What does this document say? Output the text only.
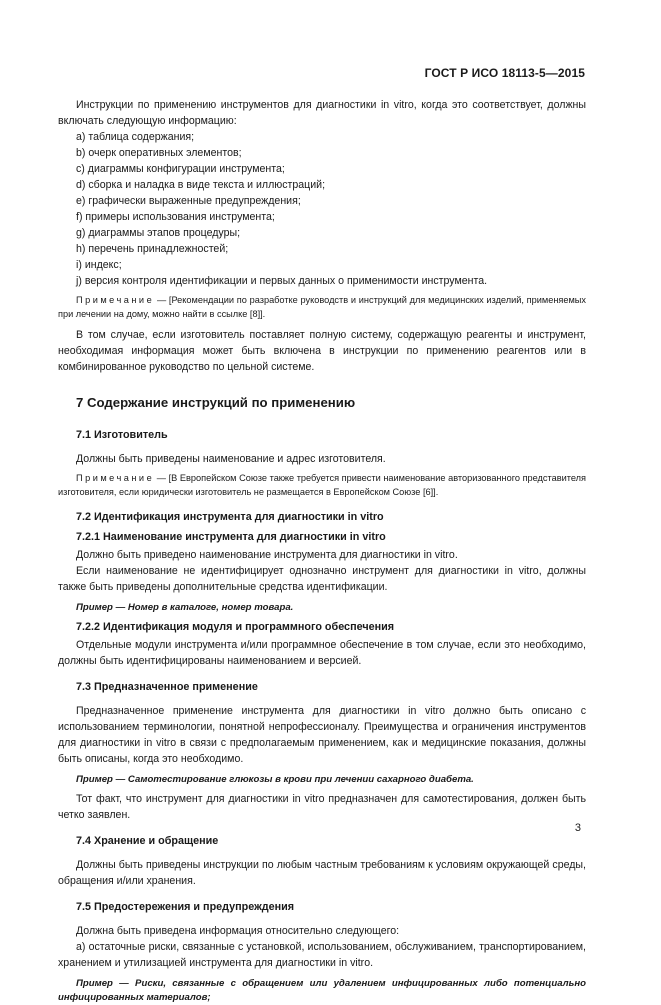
ГОСТ Р ИСО 18113-5—2015

Инструкции по применению инструментов для диагностики in vitro, когда это соответствует, должны включать следующую информацию:

a) таблица содержания;
b) очерк оперативных элементов;
c) диаграммы конфигурации инструмента;
d) сборка и наладка в виде текста и иллюстраций;
e) графически выраженные предупреждения;
f) примеры использования инструмента;
g) диаграммы этапов процедуры;
h) перечень принадлежностей;
i) индекс;
j) версия контроля идентификации и первых данных о применимости инструмента.

Примечание — [Рекомендации по разработке руководств и инструкций для медицинских изделий, применяемых при лечении на дому, можно найти в ссылке [8]].

В том случае, если изготовитель поставляет полную систему, содержащую реагенты и инструмент, необходимая информация может быть включена в инструкции по применению реагентов или в комбинированное руководство по цельной системе.

7 Содержание инструкций по применению

7.1 Изготовитель

Должны быть приведены наименование и адрес изготовителя.

Примечание — [В Европейском Союзе также требуется привести наименование авторизованного представителя изготовителя, если юридически изготовитель не размещается в Европейском Союзе [6]].

7.2 Идентификация инструмента для диагностики in vitro

7.2.1 Наименование инструмента для диагностики in vitro

Должно быть приведено наименование инструмента для диагностики in vitro.

Если наименование не идентифицирует однозначно инструмент для диагностики in vitro, должны также быть приведены дополнительные средства идентификации.

Пример — Номер в каталоге, номер товара.

7.2.2 Идентификация модуля и программного обеспечения

Отдельные модули инструмента и/или программное обеспечение в том случае, если это необходимо, должны быть идентифицированы наименованием и версией.

7.3 Предназначенное применение

Предназначенное применение инструмента для диагностики in vitro должно быть описано с использованием терминологии, понятной непрофессионалу. Преимущества и ограничения инструментов для диагностики in vitro в связи с предполагаемым применением, как и медицинские показания, должны быть описаны, когда это необходимо.

Пример — Самотестирование глюкозы в крови при лечении сахарного диабета.

Тот факт, что инструмент для диагностики in vitro предназначен для самотестирования, должен быть четко заявлен.

7.4 Хранение и обращение

Должны быть приведены инструкции по любым частным требованиям к условиям окружающей среды, обращения и/или хранения.

7.5 Предостережения и предупреждения

Должна быть приведена информация относительно следующего:

a) остаточные риски, связанные с установкой, использованием, обслуживанием, транспортированием, хранением и утилизацией инструмента для диагностики in vitro.

Пример — Риски, связанные с обращением или удалением инфицированных либо потенциально инфицированных материалов;

3
